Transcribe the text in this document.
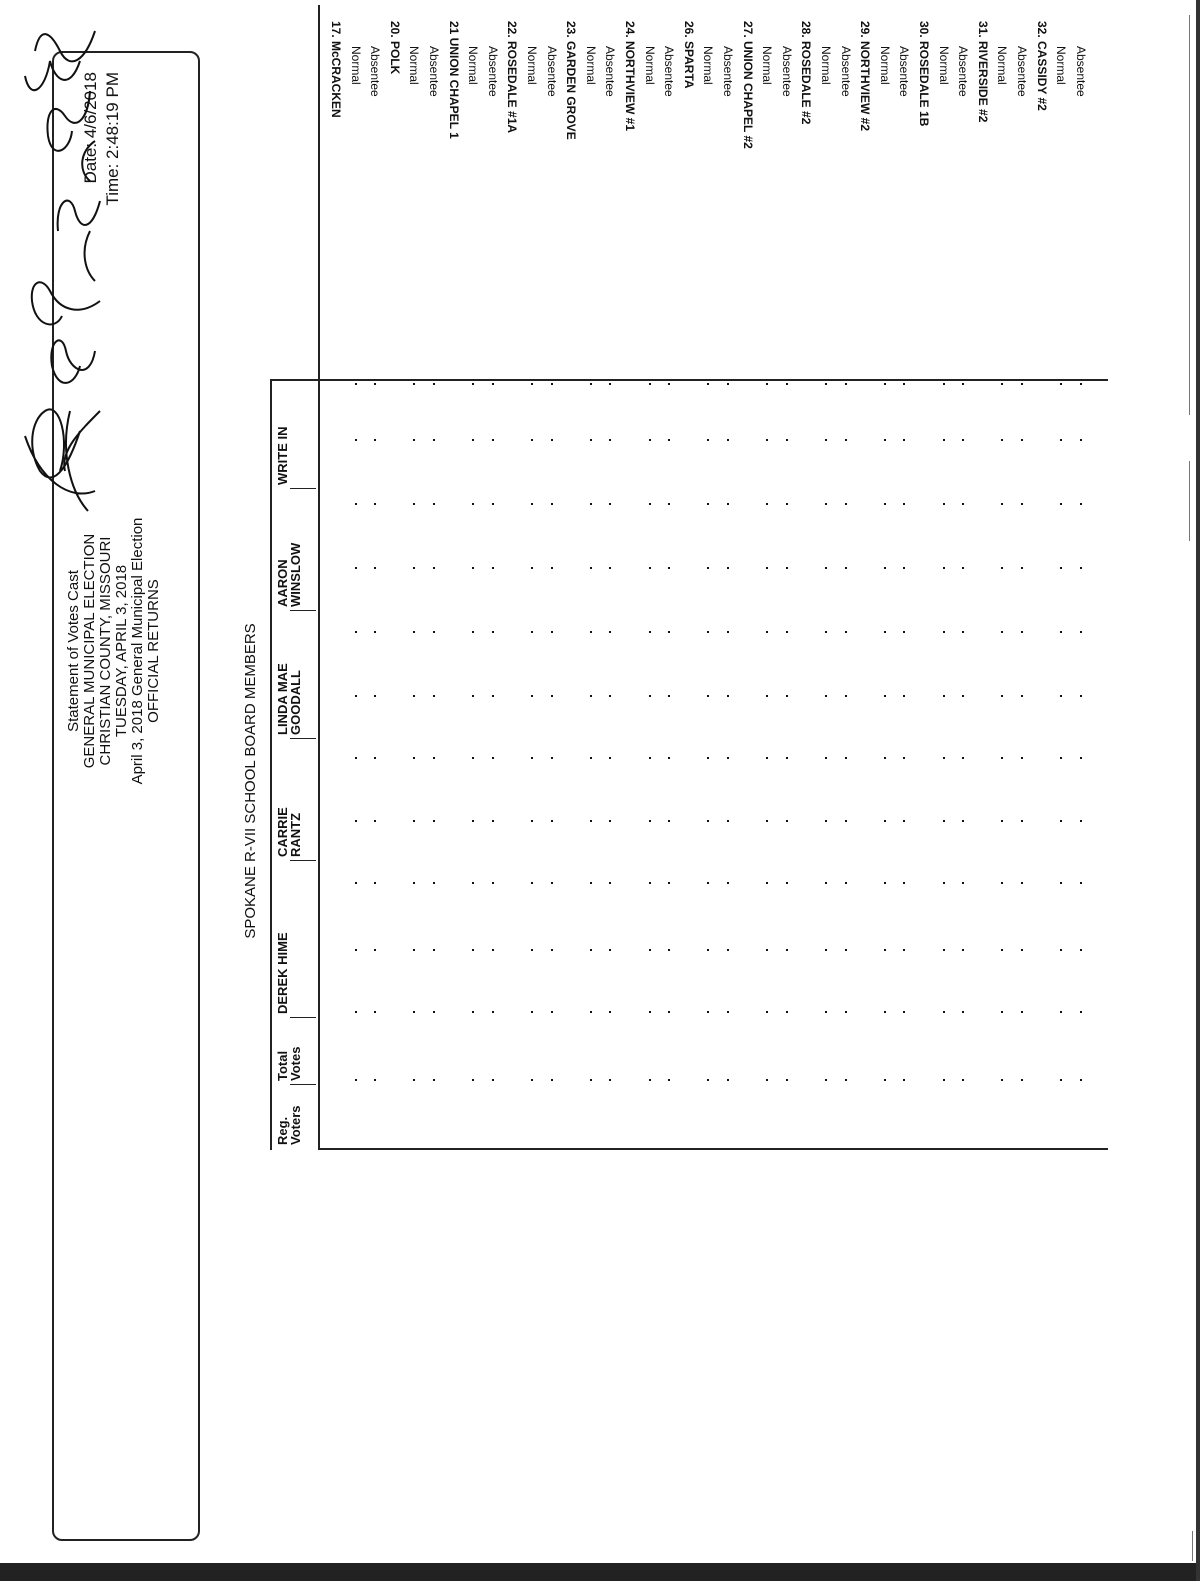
Statement of Votes Cast GENERAL MUNICIPAL ELECTION CHRISTIAN COUNTY, MISSOURI TUESDAY, APRIL 3, 2018 April 3, 2018 General Municipal Election OFFICIAL RETURNS
Date: 4/6/2018 Time: 2:48:19 PM
SPOKANE R-VII SCHOOL BOARD MEMBERS
Reg.
Voters
Total
Votes
DEREK HIME
CARRIE
RANTZ
LINDA MAE
GOODALL
AARON
WINSLOW
WRITE IN
17. McCRACKEN Normal Absentee 20. POLK Normal Absentee 21 UNION CHAPEL 1 Normal Absentee 22. ROSEDALE #1A Normal Absentee 23. GARDEN GROVE Normal Absentee 24. NORTHVIEW #1 Normal Absentee 26. SPARTA Normal Absentee 27. UNION CHAPEL #2 Normal Absentee 28. ROSEDALE #2 Normal Absentee 29. NORTHVIEW #2 Normal Absentee 30. ROSEDALE 1B Normal Absentee 31. RIVERSIDE #2 Normal Absentee 32. CASSIDY #2 Normal Absentee
